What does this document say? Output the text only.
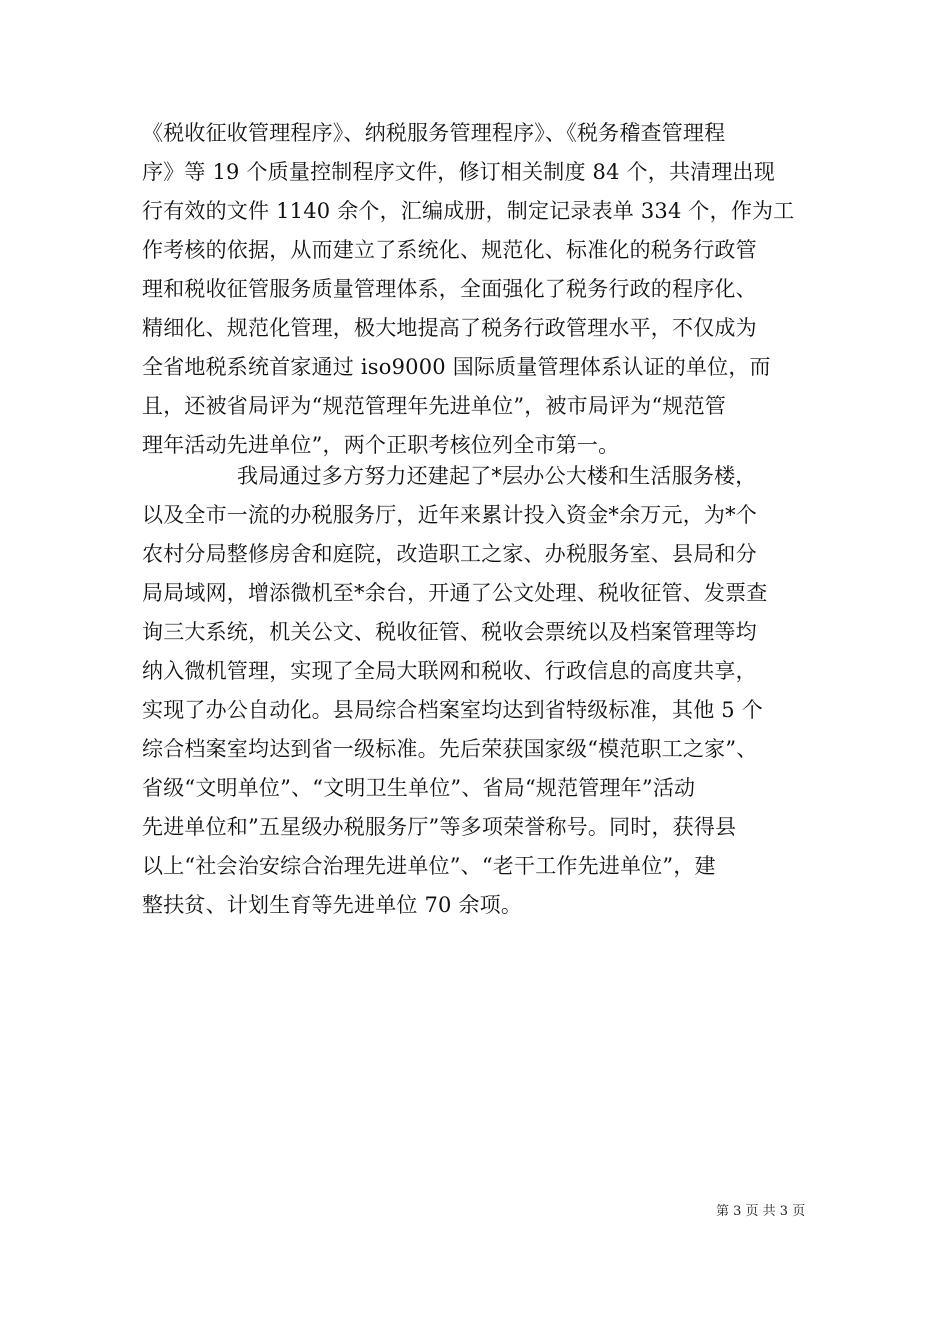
《税收征收管理程序》、纳税服务管理程序》、《税务稽查管理程
序》等 19 个质量控制程序文件，修订相关制度 84 个，共清理出现
行有效的文件 1140 余个，汇编成册，制定记录表单 334 个，作为工
作考核的依据，从而建立了系统化、规范化、标准化的税务行政管
理和税收征管服务质量管理体系，全面强化了税务行政的程序化、
精细化、规范化管理，极大地提高了税务行政管理水平，不仅成为
全省地税系统首家通过 iso9000 国际质量管理体系认证的单位，而
且，还被省局评为“规范管理年先进单位”，被市局评为“规范管
理年活动先进单位”，两个正职考核位列全市第一。
我局通过多方努力还建起了*层办公大楼和生活服务楼，
以及全市一流的办税服务厅，近年来累计投入资金*余万元，为*个
农村分局整修房舍和庭院，改造职工之家、办税服务室、县局和分
局局域网，增添微机至*余台，开通了公文处理、税收征管、发票查
询三大系统，机关公文、税收征管、税收会票统以及档案管理等均
纳入微机管理，实现了全局大联网和税收、行政信息的高度共享，
实现了办公自动化。县局综合档案室均达到省特级标准，其他 5 个
综合档案室均达到省一级标准。先后荣获国家级“模范职工之家”、
省级“文明单位”、“文明卫生单位”、省局“规范管理年”活动
先进单位和”五星级办税服务厅”等多项荣誉称号。同时，获得县
以上“社会治安综合治理先进单位”、“老干工作先进单位”，建
整扶贫、计划生育等先进单位 70 余项。
第 3 页 共 3 页
